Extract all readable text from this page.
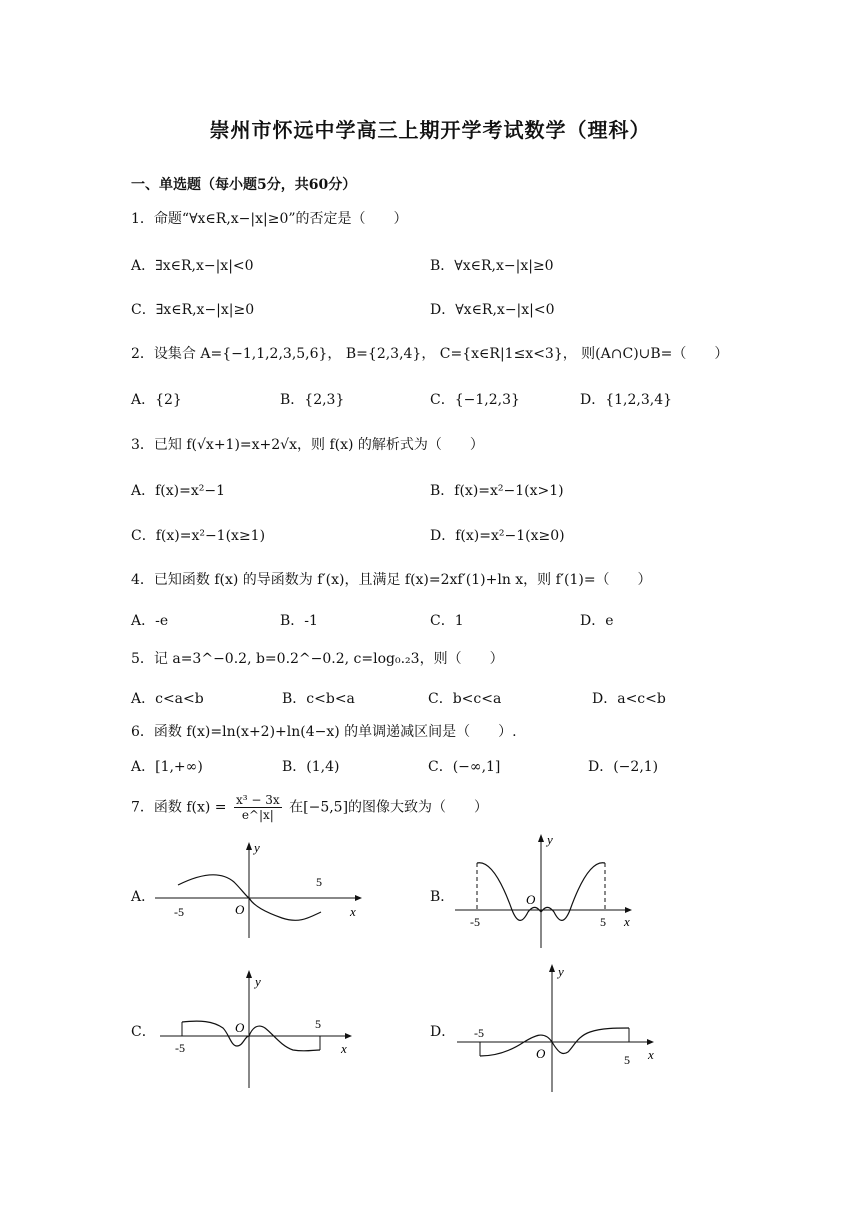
崇州市怀远中学高三上期开学考试数学（理科）
一、单选题（每小题5分，共60分）
1．命题“∀x∈R,x−|x|≥0”的否定是（　　）
A．∃x∈R,x−|x|<0	B．∀x∈R,x−|x|≥0
C．∃x∈R,x−|x|≥0	D．∀x∈R,x−|x|<0
2．设集合 A={−1,1,2,3,5,6}， B={2,3,4}， C={x∈R|1≤x<3}， 则(A∩C)∪B=（　　）
A．{2}	B．{2,3}	C．{−1,2,3}	D．{1,2,3,4}
3．已知 f(√x+1)=x+2√x，则 f(x) 的解析式为（　　）
A．f(x)=x²−1	B．f(x)=x²−1(x>1)
C．f(x)=x²−1(x≥1)	D．f(x)=x²−1(x≥0)
4．已知函数 f(x) 的导函数为 f′(x)，且满足 f(x)=2xf′(1)+ln x，则 f′(1)=（　　）
A．-e	B．-1	C．1	D．e
5．记 a=3^−0.2, b=0.2^−0.2, c=log₀.₂3，则（　　）
A．c<a<b	B．c<b<a	C．b<c<a	D．a<c<b
6．函数 f(x)=ln(x+2)+ln(4−x) 的单调递减区间是（　　）.
A．[1,+∞)	B．(1,4)	C．(−∞,1]	D．(−2,1)
7．函数 $f(x) = \frac{\text{x³ − 3x}}{e\^{}|x|}$ 在[−5,5]的图像大致为（　　）
A．	B．
C．	D．
y
x
O
-5
5
y
x
O
-5	5
y
x
O
-5
5
y
x
O
-5
5
